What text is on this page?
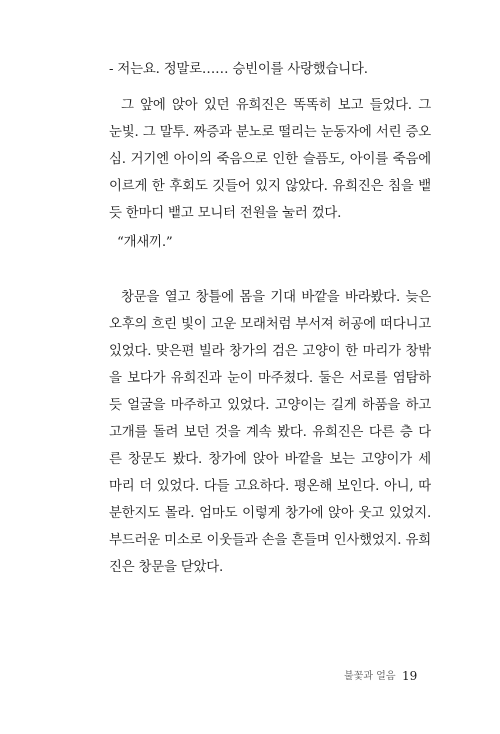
- 저는요. 정말로…… 승빈이를 사랑했습니다.
그 앞에 앉아 있던 유희진은 똑똑히 보고 들었다. 그
눈빛. 그 말투. 짜증과 분노로 떨리는 눈동자에 서린 증오
심. 거기엔 아이의 죽음으로 인한 슬픔도, 아이를 죽음에
이르게 한 후회도 깃들어 있지 않았다. 유희진은 침을 뱉
듯 한마디 뱉고 모니터 전원을 눌러 껐다.
“개새끼.”
창문을 열고 창틀에 몸을 기대 바깥을 바라봤다. 늦은
오후의 흐린 빛이 고운 모래처럼 부서져 허공에 떠다니고
있었다. 맞은편 빌라 창가의 검은 고양이 한 마리가 창밖
을 보다가 유희진과 눈이 마주쳤다. 둘은 서로를 염탐하
듯 얼굴을 마주하고 있었다. 고양이는 길게 하품을 하고
고개를 돌려 보던 것을 계속 봤다. 유희진은 다른 층 다
른 창문도 봤다. 창가에 앉아 바깥을 보는 고양이가 세
마리 더 있었다. 다들 고요하다. 평온해 보인다. 아니, 따
분한지도 몰라. 엄마도 이렇게 창가에 앉아 웃고 있었지.
부드러운 미소로 이웃들과 손을 흔들며 인사했었지. 유희
진은 창문을 닫았다.
불꽃과 얼음 19
